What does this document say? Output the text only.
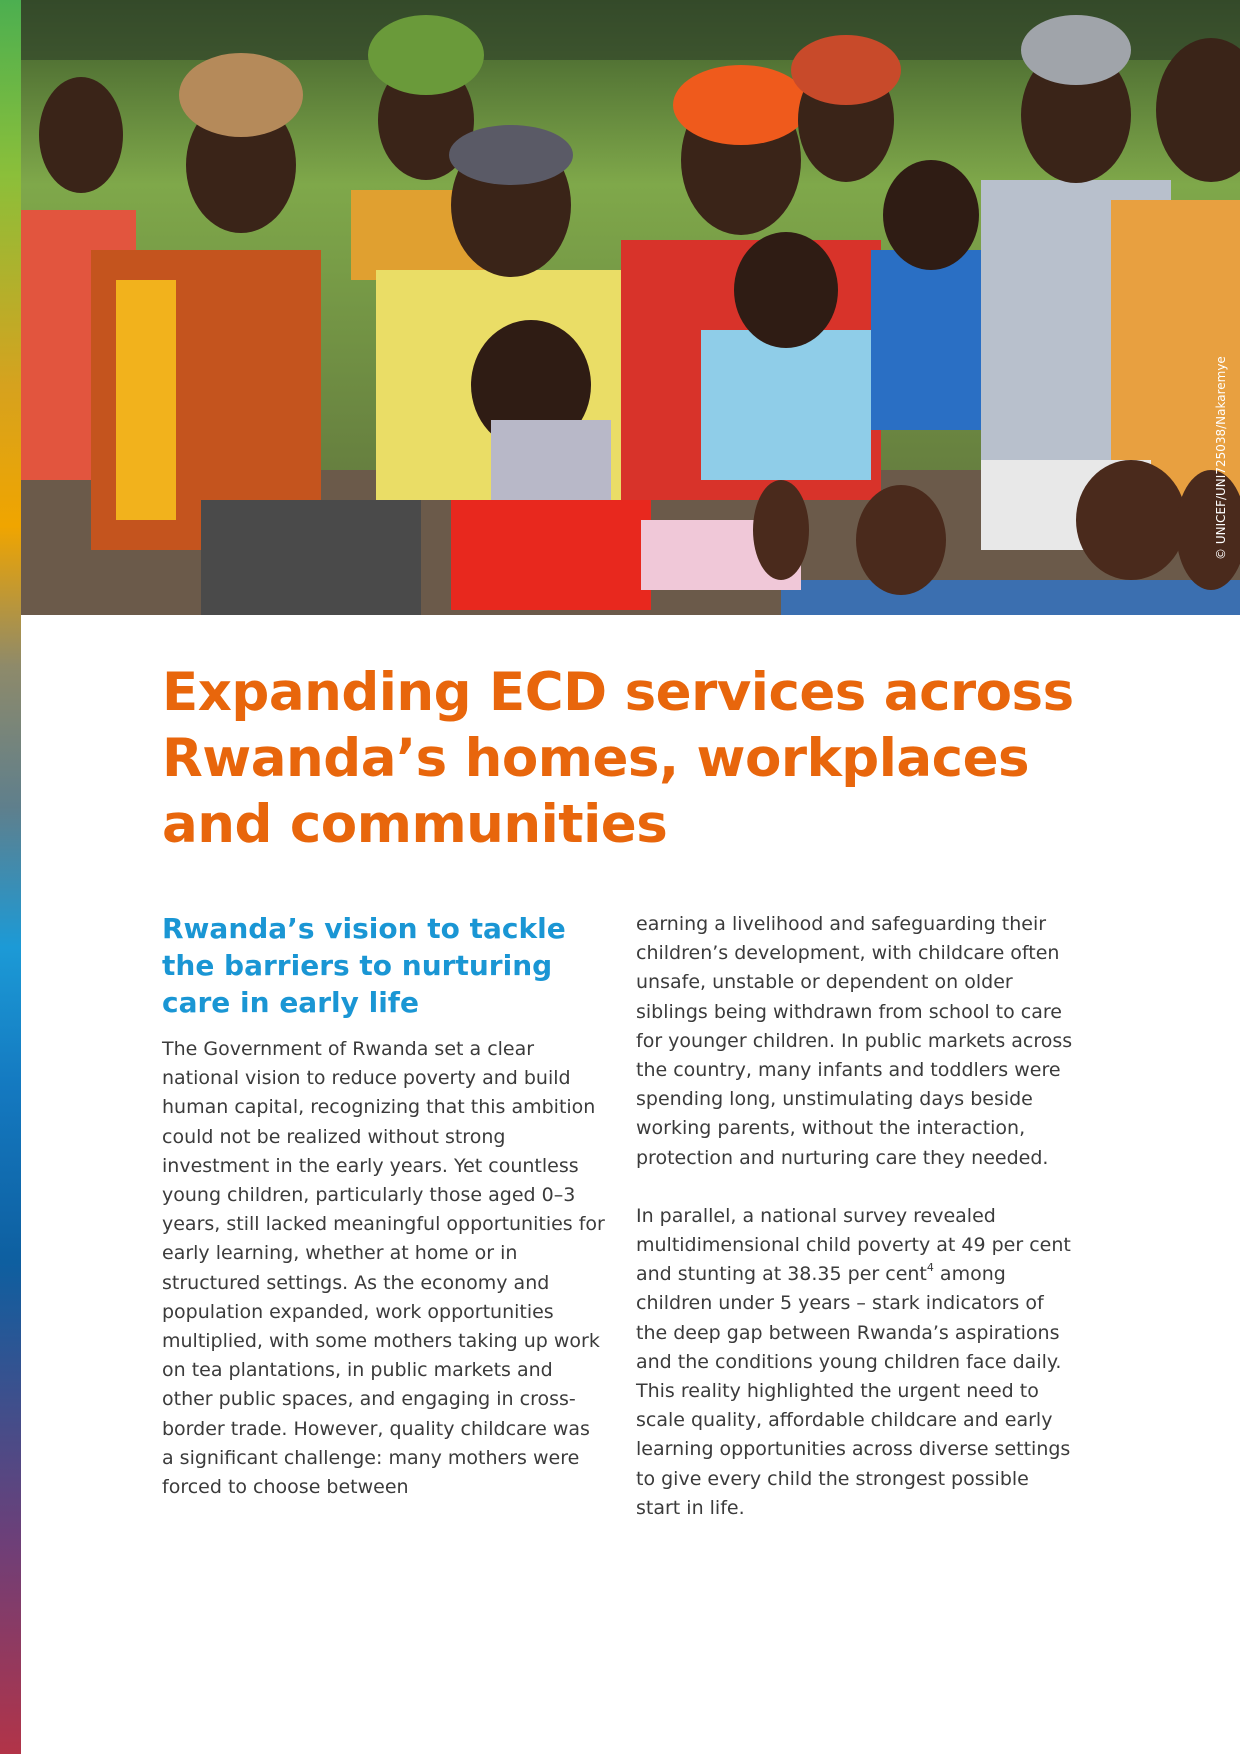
© UNICEF/UNI725038/Nakaremye
Expanding ECD services across Rwanda’s homes, workplaces and communities
Rwanda’s vision to tackle the barriers to nurturing care in early life

The Government of Rwanda set a clear national vision to reduce poverty and build human capital, recognizing that this ambition could not be realized without strong investment in the early years. Yet countless young children, particularly those aged 0–3 years, still lacked meaningful opportunities for early learning, whether at home or in structured settings. As the economy and population expanded, work opportunities multiplied, with some mothers taking up work on tea plantations, in public markets and other public spaces, and engaging in cross-border trade. However, quality childcare was a significant challenge: many mothers were forced to choose between

earning a livelihood and safeguarding their children’s development, with childcare often unsafe, unstable or dependent on older siblings being withdrawn from school to care for younger children. In public markets across the country, many infants and toddlers were spending long, unstimulating days beside working parents, without the interaction, protection and nurturing care they needed.

In parallel, a national survey revealed multidimensional child poverty at 49 per cent and stunting at 38.35 per cent$^4$ among children under 5 years – stark indicators of the deep gap between Rwanda’s aspirations and the conditions young children face daily. This reality highlighted the urgent need to scale quality, affordable childcare and early learning opportunities across diverse settings to give every child the strongest possible start in life.
